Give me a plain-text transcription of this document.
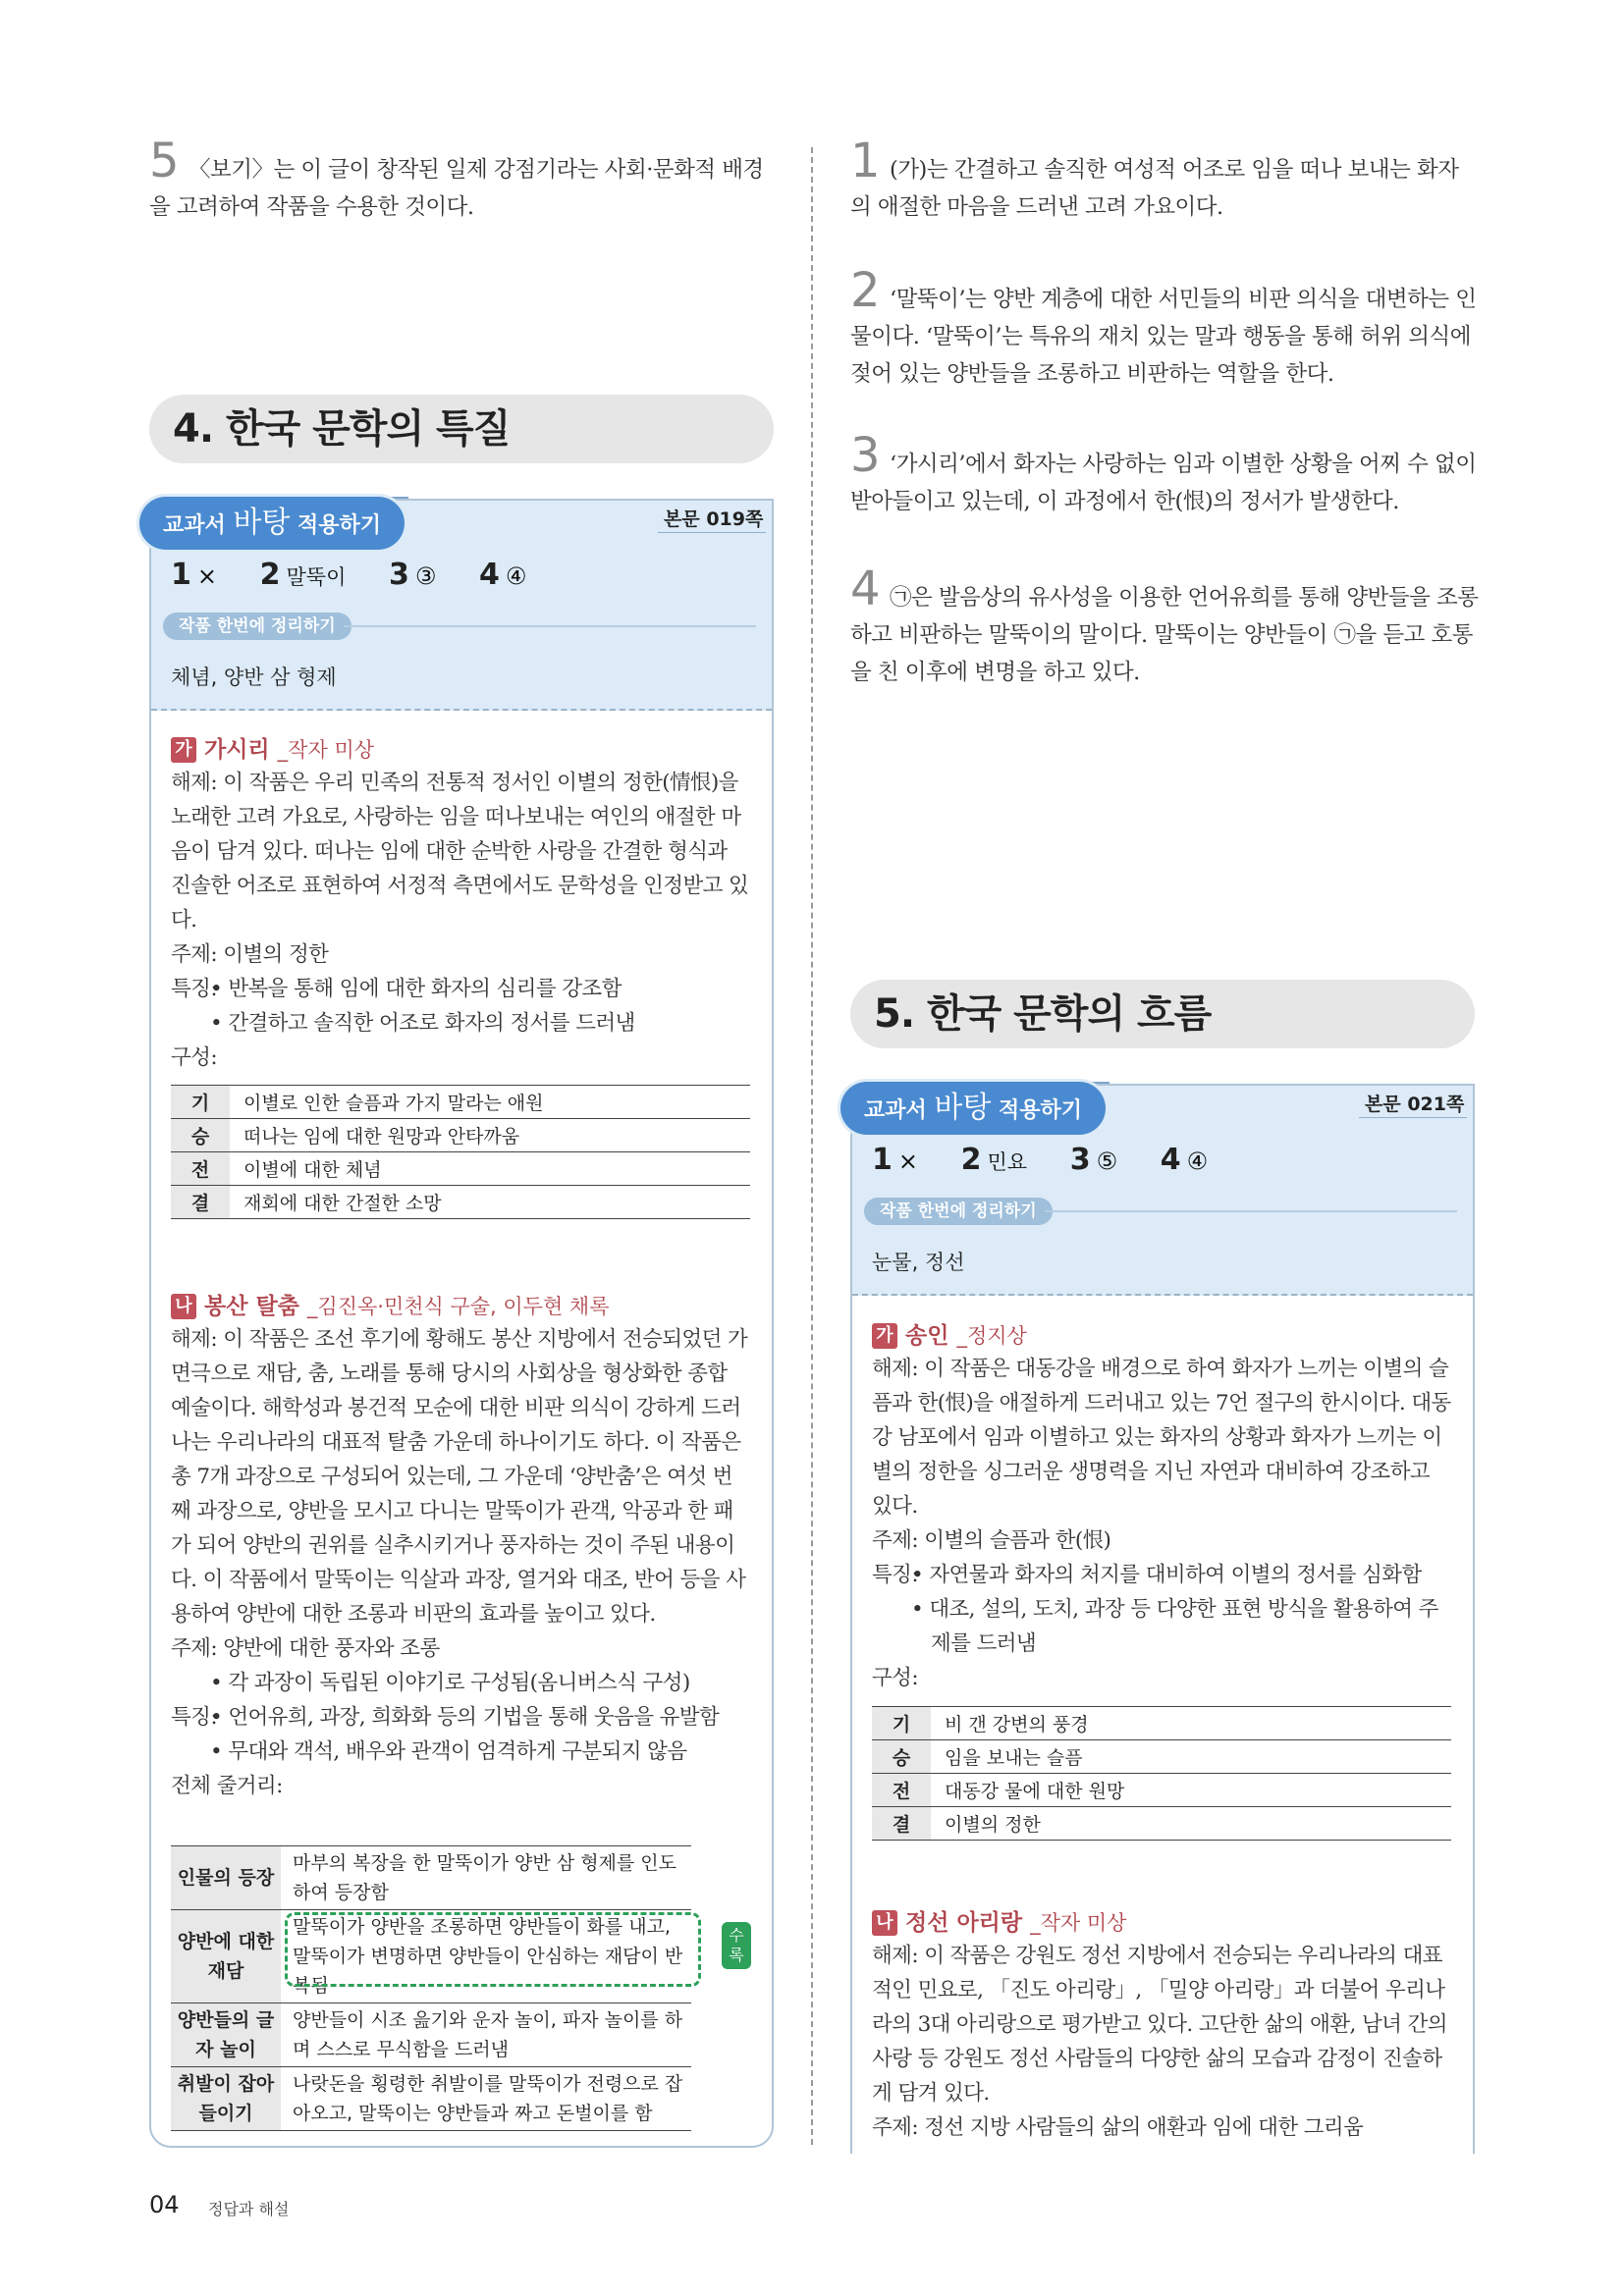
5 〈보기〉는 이 글이 창작된 일제 강점기라는 사회·문화적 배경을 고려하여 작품을 수용한 것이다.
4. 한국 문학의 특질
교과서 바탕 적용하기	본문 019쪽
1 × 2 말뚝이 3 ③ 4 ④
작품 한번에 정리하기
체념, 양반 삼 형제
가 가시리 _작자 미상
해제: 이 작품은 우리 민족의 전통적 정서인 이별의 정한(情恨)을 노래한 고려 가요로, 사랑하는 임을 떠나보내는 여인의 애절한 마음이 담겨 있다. 떠나는 임에 대한 순박한 사랑을 간결한 형식과 진솔한 어조로 표현하여 서정적 측면에서도 문학성을 인정받고 있다.
주제: 이별의 정한
특징:
• 반복을 통해 임에 대한 화자의 심리를 강조함
• 간결하고 솔직한 어조로 화자의 정서를 드러냄
구성:
기	이별로 인한 슬픔과 가지 말라는 애원
승	떠나는 임에 대한 원망과 안타까움
전	이별에 대한 체념
결	재회에 대한 간절한 소망
나 봉산 탈춤 _김진옥·민천식 구술, 이두현 채록
해제: 이 작품은 조선 후기에 황해도 봉산 지방에서 전승되었던 가면극으로 재담, 춤, 노래를 통해 당시의 사회상을 형상화한 종합 예술이다. 해학성과 봉건적 모순에 대한 비판 의식이 강하게 드러나는 우리나라의 대표적 탈춤 가운데 하나이기도 하다. 이 작품은 총 7개 과장으로 구성되어 있는데, 그 가운데 ‘양반춤’은 여섯 번째 과장으로, 양반을 모시고 다니는 말뚝이가 관객, 악공과 한 패가 되어 양반의 권위를 실추시키거나 풍자하는 것이 주된 내용이다. 이 작품에서 말뚝이는 익살과 과장, 열거와 대조, 반어 등을 사용하여 양반에 대한 조롱과 비판의 효과를 높이고 있다.
주제: 양반에 대한 풍자와 조롱
특징:
• 각 과장이 독립된 이야기로 구성됨(옴니버스식 구성)
• 언어유희, 과장, 희화화 등의 기법을 통해 웃음을 유발함
• 무대와 객석, 배우와 관객이 엄격하게 구분되지 않음
전체 줄거리:
인물의 등장	마부의 복장을 한 말뚝이가 양반 삼 형제를 인도하여 등장함
양반에 대한 재담	말뚝이가 양반을 조롱하면 양반들이 화를 내고, 말뚝이가 변명하면 양반들이 안심하는 재담이 반복됨
양반들의 글자 놀이	양반들이 시조 읊기와 운자 놀이, 파자 놀이를 하며 스스로 무식함을 드러냄
취발이 잡아들이기	나랏돈을 횡령한 취발이를 말뚝이가 전령으로 잡아오고, 말뚝이는 양반들과 짜고 돈벌이를 함
수록
1 (가)는 간결하고 솔직한 여성적 어조로 임을 떠나 보내는 화자의 애절한 마음을 드러낸 고려 가요이다.
2 ‘말뚝이’는 양반 계층에 대한 서민들의 비판 의식을 대변하는 인물이다. ‘말뚝이’는 특유의 재치 있는 말과 행동을 통해 허위 의식에 젖어 있는 양반들을 조롱하고 비판하는 역할을 한다.
3 ‘가시리’에서 화자는 사랑하는 임과 이별한 상황을 어찌 수 없이 받아들이고 있는데, 이 과정에서 한(恨)의 정서가 발생한다.
4 ㉠은 발음상의 유사성을 이용한 언어유희를 통해 양반들을 조롱하고 비판하는 말뚝이의 말이다. 말뚝이는 양반들이 ㉠을 듣고 호통을 친 이후에 변명을 하고 있다.
5. 한국 문학의 흐름
교과서 바탕 적용하기	본문 021쪽
1 × 2 민요 3 ⑤ 4 ④
작품 한번에 정리하기
눈물, 정선
가 송인 _정지상
해제: 이 작품은 대동강을 배경으로 하여 화자가 느끼는 이별의 슬픔과 한(恨)을 애절하게 드러내고 있는 7언 절구의 한시이다. 대동강 남포에서 임과 이별하고 있는 화자의 상황과 화자가 느끼는 이별의 정한을 싱그러운 생명력을 지닌 자연과 대비하여 강조하고 있다.
주제: 이별의 슬픔과 한(恨)
특징:
• 자연물과 화자의 처지를 대비하여 이별의 정서를 심화함
• 대조, 설의, 도치, 과장 등 다양한 표현 방식을 활용하여 주제를 드러냄
구성:
기	비 갠 강변의 풍경
승	임을 보내는 슬픔
전	대동강 물에 대한 원망
결	이별의 정한
나 정선 아리랑 _작자 미상
해제: 이 작품은 강원도 정선 지방에서 전승되는 우리나라의 대표적인 민요로, 「진도 아리랑」, 「밀양 아리랑」과 더불어 우리나라의 3대 아리랑으로 평가받고 있다. 고단한 삶의 애환, 남녀 간의 사랑 등 강원도 정선 사람들의 다양한 삶의 모습과 감정이 진솔하게 담겨 있다.
주제: 정선 지방 사람들의 삶의 애환과 임에 대한 그리움
04 정답과 해설
